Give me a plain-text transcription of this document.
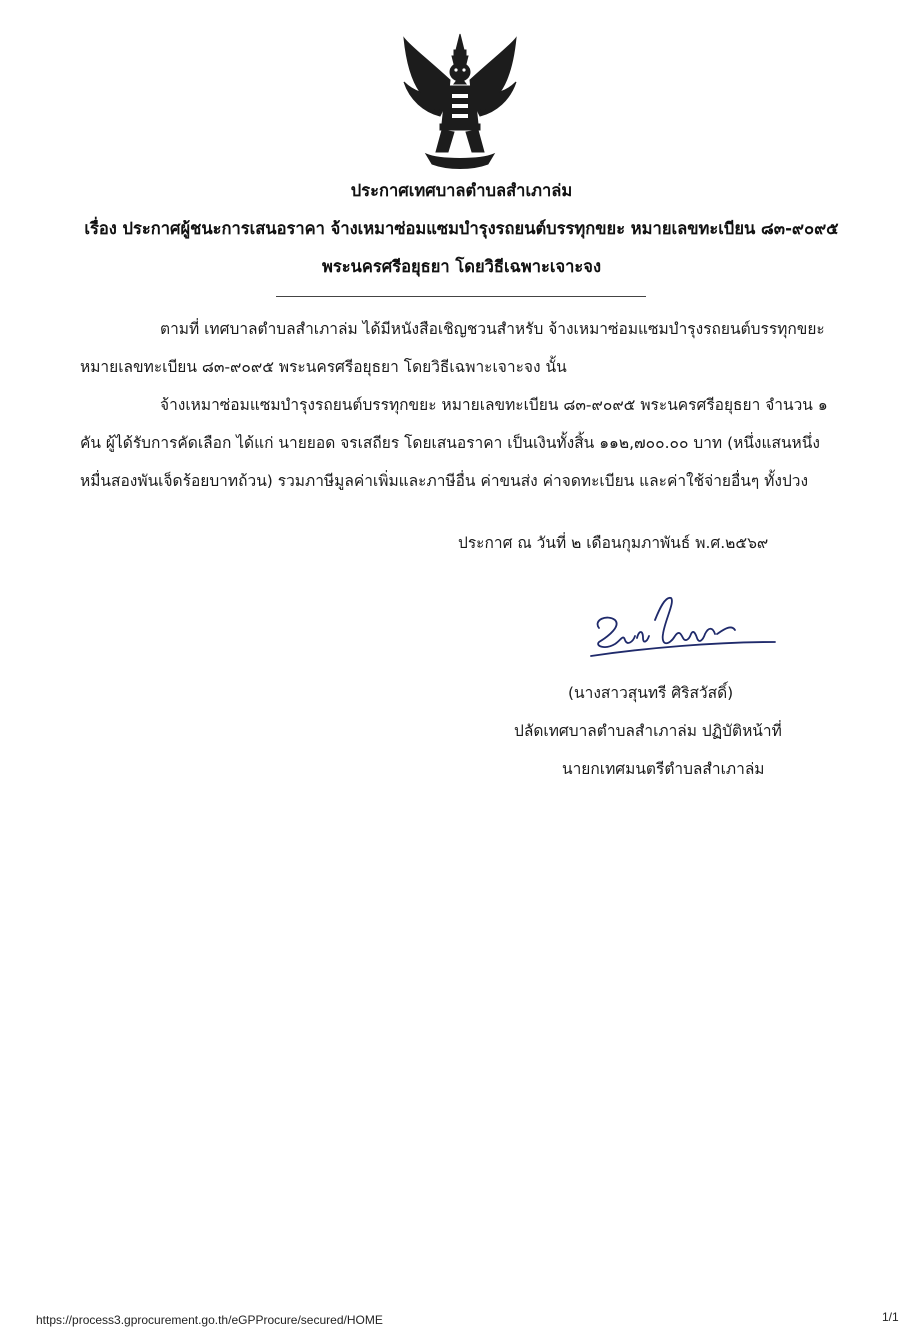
ประกาศเทศบาลตำบลสำเภาล่ม
เรื่อง ประกาศผู้ชนะการเสนอราคา จ้างเหมาซ่อมแซมบำรุงรถยนต์บรรทุกขยะ หมายเลขทะเบียน ๘๓-๙๐๙๕
พระนครศรีอยุธยา โดยวิธีเฉพาะเจาะจง
ตามที่ เทศบาลตำบลสำเภาล่ม ได้มีหนังสือเชิญชวนสำหรับ จ้างเหมาซ่อมแซมบำรุงรถยนต์บรรทุกขยะ
หมายเลขทะเบียน ๘๓-๙๐๙๕ พระนครศรีอยุธยา โดยวิธีเฉพาะเจาะจง นั้น
จ้างเหมาซ่อมแซมบำรุงรถยนต์บรรทุกขยะ หมายเลขทะเบียน ๘๓-๙๐๙๕ พระนครศรีอยุธยา จำนวน ๑
คัน ผู้ได้รับการคัดเลือก ได้แก่ นายยอด จรเสถียร โดยเสนอราคา เป็นเงินทั้งสิ้น ๑๑๒,๗๐๐.๐๐ บาท (หนึ่งแสนหนึ่ง
หมื่นสองพันเจ็ดร้อยบาทถ้วน) รวมภาษีมูลค่าเพิ่มและภาษีอื่น ค่าขนส่ง ค่าจดทะเบียน และค่าใช้จ่ายอื่นๆ ทั้งปวง
ประกาศ ณ วันที่ ๒ เดือนกุมภาพันธ์ พ.ศ.๒๕๖๙
(นางสาวสุนทรี ศิริสวัสดิ์)
ปลัดเทศบาลตำบลสำเภาล่ม ปฏิบัติหน้าที่
นายกเทศมนตรีตำบลสำเภาล่ม
https://process3.gprocurement.go.th/eGPProcure/secured/HOME	1/1
